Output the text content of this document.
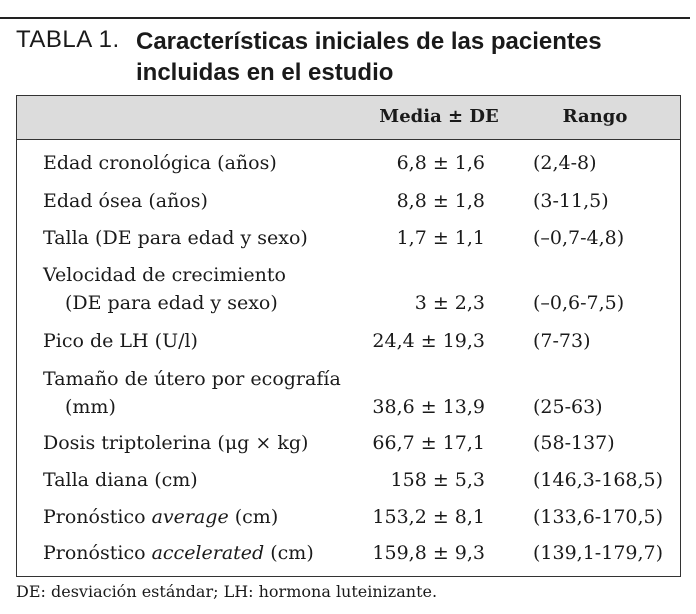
TABLA 1. Características iniciales de las pacientes
incluidas en el estudio
Media ± DE	Rango
Edad cronológica (años)	6,8 ± 1,6	(2,4-8)
Edad ósea (años)	8,8 ± 1,8	(3-11,5)
Talla (DE para edad y sexo)	1,7 ± 1,1	(–0,7-4,8)
Velocidad de crecimiento
(DE para edad y sexo)	3 ± 2,3	(–0,6-7,5)
Pico de LH (U/l)	24,4 ± 19,3	(7-73)
Tamaño de útero por ecografía
(mm)	38,6 ± 13,9	(25-63)
Dosis triptolerina (μg × kg)	66,7 ± 17,1	(58-137)
Talla diana (cm)	158 ± 5,3	(146,3-168,5)
Pronóstico average (cm)	153,2 ± 8,1	(133,6-170,5)
Pronóstico accelerated (cm)	159,8 ± 9,3	(139,1-179,7)
DE: desviación estándar; LH: hormona luteinizante.
